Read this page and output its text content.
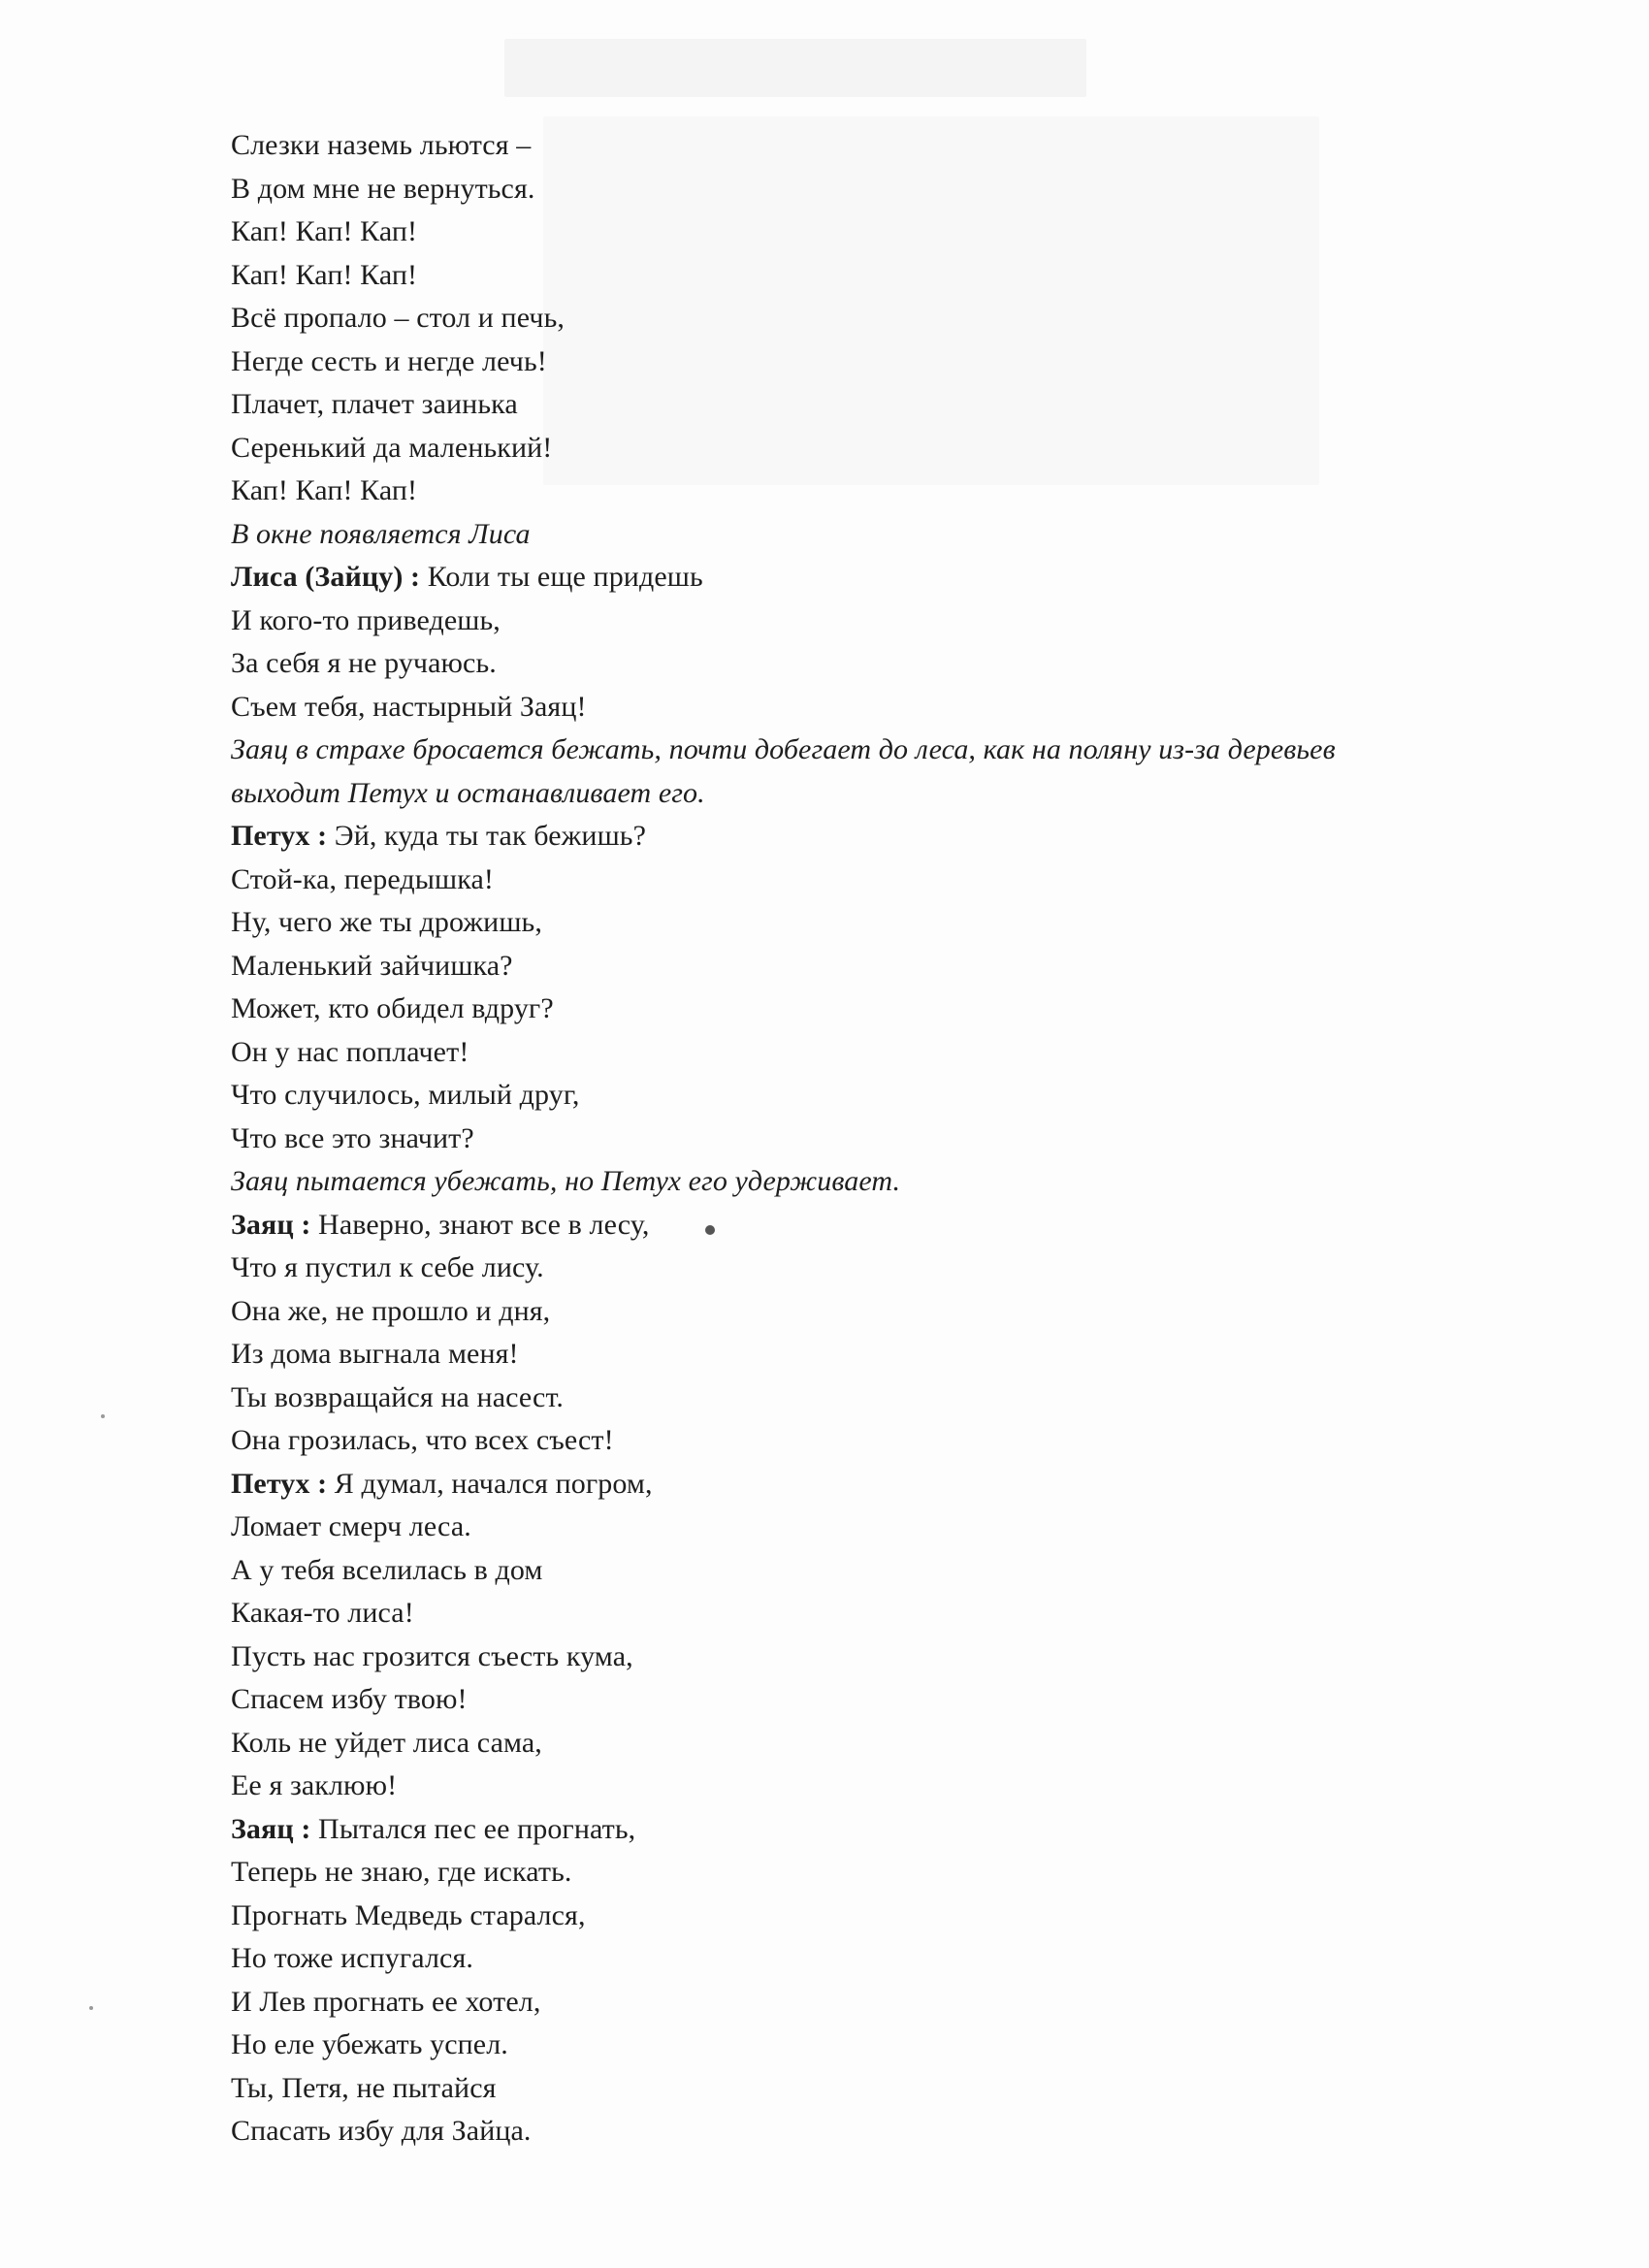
Слезки наземь льются –
В дом мне не вернуться.
Кап! Кап! Кап!
Кап! Кап! Кап!
Всё пропало – стол и печь,
Негде сесть и негде лечь!
Плачет, плачет заинька
Серенький да маленький!
Кап! Кап! Кап!
В окне появляется Лиса
Лиса (Зайцу) : Коли ты еще придешь
И кого-то приведешь,
За себя я не ручаюсь.
Съем тебя, настырный Заяц!
Заяц в страхе бросается бежать, почти добегает до леса, как на поляну из-за деревьев
выходит Петух и останавливает его.
Петух : Эй, куда ты так бежишь?
Стой-ка, передышка!
Ну, чего же ты дрожишь,
Маленький зайчишка?
Может, кто обидел вдруг?
Он у нас поплачет!
Что случилось, милый друг,
Что все это значит?
Заяц пытается убежать, но Петух его удерживает.
Заяц : Наверно, знают все в лесу,
Что я пустил к себе лису.
Она же, не прошло и дня,
Из дома выгнала меня!
Ты возвращайся на насест.
Она грозилась, что всех съест!
Петух : Я думал, начался погром,
Ломает смерч леса.
А у тебя вселилась в дом
Какая-то лиса!
Пусть нас грозится съесть кума,
Спасем избу твою!
Коль не уйдет лиса сама,
Ее я заклюю!
Заяц : Пытался пес ее прогнать,
Теперь не знаю, где искать.
Прогнать Медведь старался,
Но тоже испугался.
И Лев прогнать ее хотел,
Но еле убежать успел.
Ты, Петя, не пытайся
Спасать избу для Зайца.
